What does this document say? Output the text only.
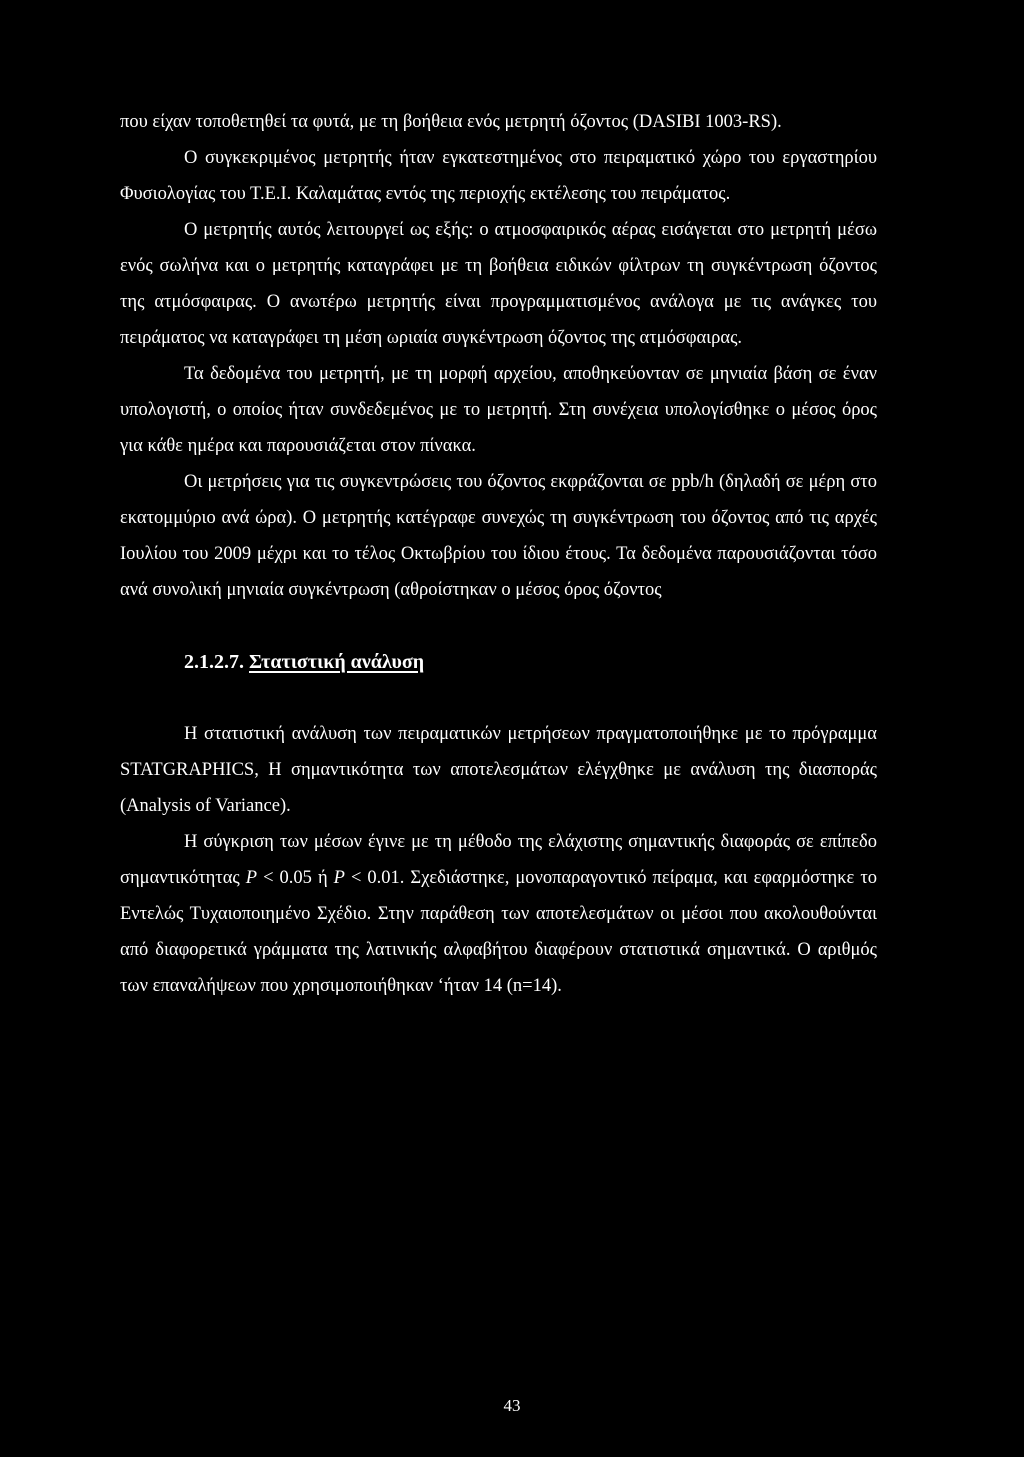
που είχαν τοποθετηθεί τα φυτά, με τη βοήθεια ενός μετρητή όζοντος (DASIBI 1003-RS).

Ο συγκεκριμένος μετρητής ήταν εγκατεστημένος στο πειραματικό χώρο του εργαστηρίου Φυσιολογίας του Τ.Ε.Ι. Καλαμάτας εντός της περιοχής εκτέλεσης του πειράματος.

Ο μετρητής αυτός λειτουργεί ως εξής: ο ατμοσφαιρικός αέρας εισάγεται στο μετρητή μέσω ενός σωλήνα και ο μετρητής καταγράφει με τη βοήθεια ειδικών φίλτρων τη συγκέντρωση όζοντος της ατμόσφαιρας. Ο ανωτέρω μετρητής είναι προγραμματισμένος ανάλογα με τις ανάγκες του πειράματος να καταγράφει τη μέση ωριαία συγκέντρωση όζοντος της ατμόσφαιρας.

Τα δεδομένα του μετρητή, με τη μορφή αρχείου, αποθηκεύονταν σε μηνιαία βάση σε έναν υπολογιστή, ο οποίος ήταν συνδεδεμένος με το μετρητή. Στη συνέχεια υπολογίσθηκε ο μέσος όρος για κάθε ημέρα και παρουσιάζεται στον πίνακα.

Οι μετρήσεις για τις συγκεντρώσεις του όζοντος εκφράζονται σε ppb/h (δηλαδή σε μέρη στο εκατομμύριο ανά ώρα). Ο μετρητής κατέγραφε συνεχώς τη συγκέντρωση του όζοντος από τις αρχές Ιουλίου του 2009 μέχρι και το τέλος Οκτωβρίου του ίδιου έτους. Τα δεδομένα παρουσιάζονται τόσο ανά συνολική μηνιαία συγκέντρωση (αθροίστηκαν ο μέσος όρος όζοντος

2.1.2.7. Στατιστική ανάλυση

Η στατιστική ανάλυση των πειραματικών μετρήσεων πραγματοποιήθηκε με το πρόγραμμα STATGRAPHICS, Η σημαντικότητα των αποτελεσμάτων ελέγχθηκε με ανάλυση της διασποράς (Analysis of Variance).

Η σύγκριση των μέσων έγινε με τη μέθοδο της ελάχιστης σημαντικής διαφοράς σε επίπεδο σημαντικότητας P < 0.05 ή P < 0.01. Σχεδιάστηκε, μονοπαραγοντικό πείραμα, και εφαρμόστηκε το Εντελώς Τυχαιοποιημένο Σχέδιο. Στην παράθεση των αποτελεσμάτων οι μέσοι που ακολουθούνται από διαφορετικά γράμματα της λατινικής αλφαβήτου διαφέρουν στατιστικά σημαντικά. Ο αριθμός των επαναλήψεων που χρησιμοποιήθηκαν ‘ήταν 14 (n=14).

43
